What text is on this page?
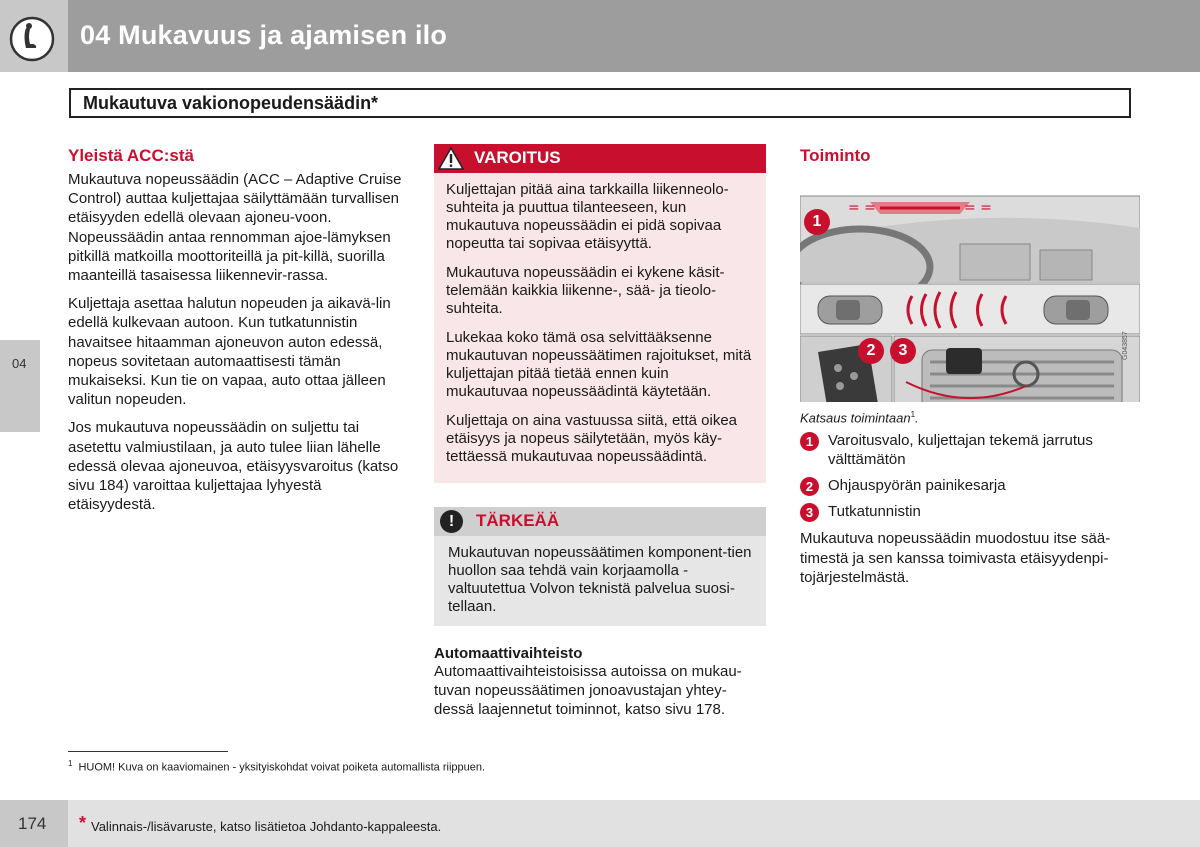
04 Mukavuus ja ajamisen ilo
Mukautuva vakionopeudensäädin*
04
Yleistä ACC:stä

Mukautuva nopeussäädin (ACC – Adaptive Cruise Control) auttaa kuljettajaa säilyttämään turvallisen etäisyyden edellä olevaan ajoneu-voon. Nopeussäädin antaa rennomman ajoe-lämyksen pitkillä matkoilla moottoriteillä ja pit-killä, suorilla maanteillä tasaisessa liikennevir-rassa.

Kuljettaja asettaa halutun nopeuden ja aikavä-lin edellä kulkevaan autoon. Kun tutkatunnistin havaitsee hitaamman ajoneuvon auton edessä, nopeus sovitetaan automaattisesti tämän mukaiseksi. Kun tie on vapaa, auto ottaa jälleen valitun nopeuden.

Jos mukautuva nopeussäädin on suljettu tai asetettu valmiustilaan, ja auto tulee liian lähelle edessä olevaa ajoneuvoa, etäisyysvaroitus (katso sivu 184) varoittaa kuljettajaa lyhyestä etäisyydestä.

VAROITUS

Kuljettajan pitää aina tarkkailla liikenneolo-suhteita ja puuttua tilanteeseen, kun mukautuva nopeussäädin ei pidä sopivaa nopeutta tai sopivaa etäisyyttä.

Mukautuva nopeussäädin ei kykene käsit-telemään kaikkia liikenne-, sää- ja tieolo-suhteita.

Lukekaa koko tämä osa selvittääksenne mukautuvan nopeussäätimen rajoitukset, mitä kuljettajan pitää tietää ennen kuin mukautuvaa nopeussäädintä käytetään.

Kuljettaja on aina vastuussa siitä, että oikea etäisyys ja nopeus säilytetään, myös käy-tettäessä mukautuvaa nopeussäädintä.

!	TÄRKEÄÄ

Mukautuvan nopeussäätimen komponent-tien huollon saa tehdä vain korjaamolla - valtuutettua Volvon teknistä palvelua suosi-tellaan.

Automaattivaihteisto

Automaattivaihteistoisissa autoissa on mukau-tuvan nopeussäätimen jonoavustajan yhtey-dessä laajennetut toiminnot, katso sivu 178.

Toiminto
= =	= =
1
2	3	G043857
Katsaus toimintaan$^1$.
1 Varoitusvalo, kuljettajan tekemä jarrutus välttämätön
2 Ohjauspyörän painikesarja
3 Tutkatunnistin

Mukautuva nopeussäädin muodostuu itse sää-timestä ja sen kanssa toimivasta etäisyydenpi-tojärjestelmästä.

$^1$ HUOM! Kuva on kaaviomainen - yksityiskohdat voivat poiketa automallista riippuen.
174 * Valinnais-/lisävaruste, katso lisätietoa Johdanto-kappaleesta.
